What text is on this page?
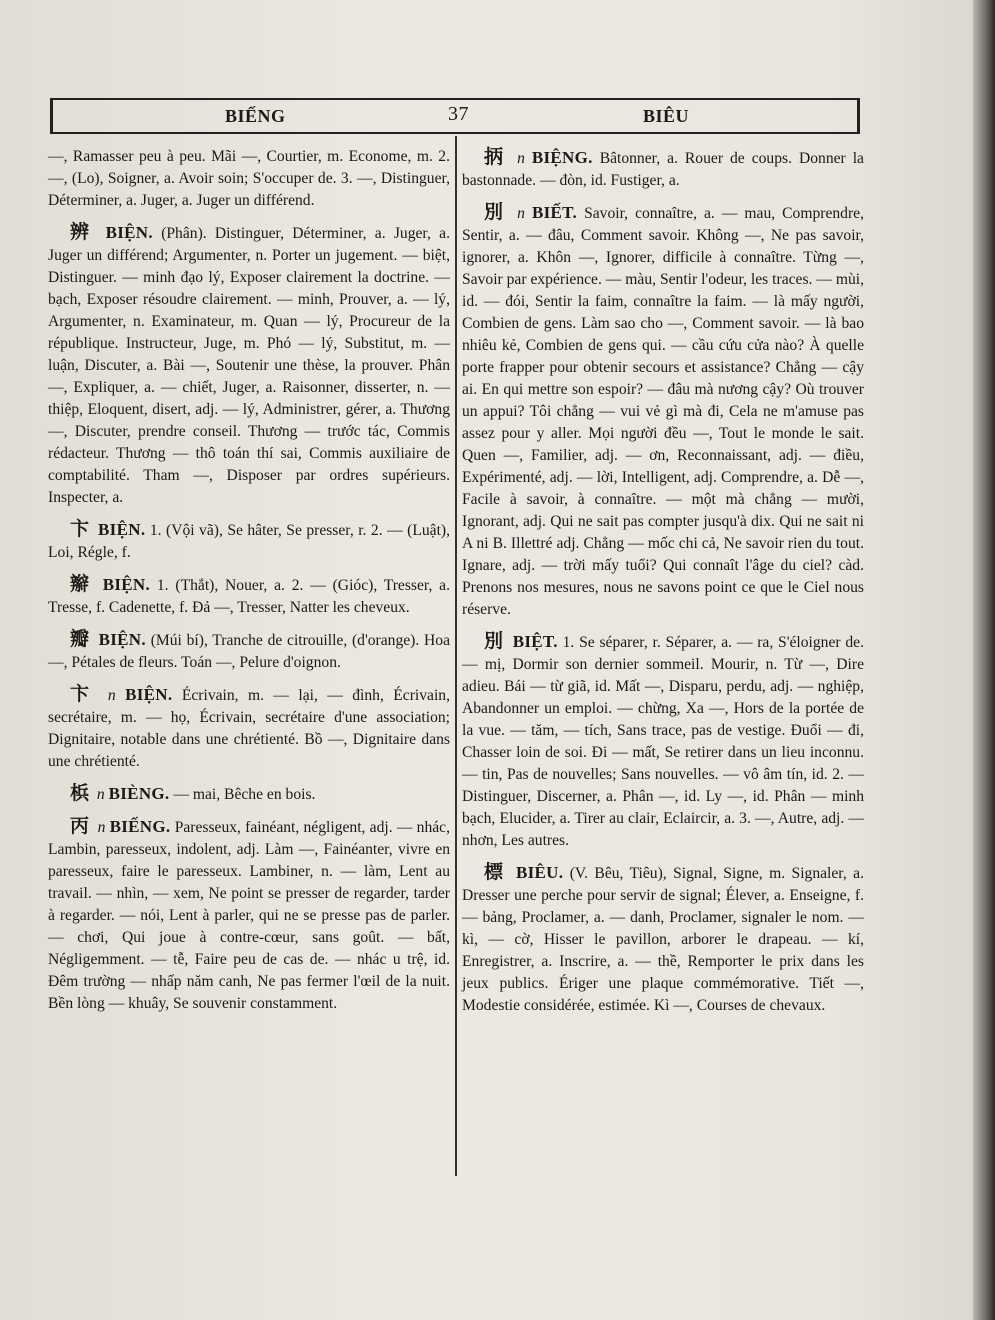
BIẾNG	37	BIÊU

—, Ramasser peu à peu. Mãi —, Courtier, m. Econome, m. 2. —, (Lo), Soigner, a. Avoir soin; S'occuper de. 3. —, Distinguer, Déterminer, a. Juger, a. Juger un différend.

辨 BIỆN. (Phân). Distinguer, Déterminer, a. Juger, a. Juger un différend; Argumenter, n. Porter un jugement. — biệt, Distinguer. — minh đạo lý, Exposer clairement la doctrine. — bạch, Exposer résoudre clairement. — minh, Prouver, a. — lý, Argumenter, n. Examinateur, m. Quan — lý, Procureur de la république. Instructeur, Juge, m. Phó — lý, Substitut, m. — luận, Discuter, a. Bài —, Soutenir une thèse, la prouver. Phân —, Expliquer, a. — chiết, Juger, a. Raisonner, disserter, n. — thiệp, Eloquent, disert, adj. — lý, Administrer, gérer, a. Thương —, Discuter, prendre conseil. Thương — trước tác, Commis rédacteur. Thương — thô toán thí sai, Commis auxiliaire de comptabilité. Tham —, Disposer par ordres supérieurs. Inspecter, a.

卞 BIỆN. 1. (Vội vã), Se hâter, Se presser, r. 2. — (Luật), Loi, Régle, f.

辮 BIỆN. 1. (Thắt), Nouer, a. 2. — (Gióc), Tresser, a. Tresse, f. Cadenette, f. Đả —, Tresser, Natter les cheveux.

瓣 BIỆN. (Múi bí), Tranche de citrouille, (d'orange). Hoa —, Pétales de fleurs. Toán —, Pelure d'oignon.

卞 n BIỆN. Écrivain, m. — lại, — đình, Écrivain, secrétaire, m. — họ, Écrivain, secrétaire d'une association; Dignitaire, notable dans une chrétienté. Bồ —, Dignitaire dans une chrétienté.

梹 n BIÈNG. — mai, Bêche en bois.

丙 n BIẾNG. Paresseux, fainéant, négligent, adj. — nhác, Lambin, paresseux, indolent, adj. Làm —, Fainéanter, vivre en paresseux, faire le paresseux. Lambiner, n. — làm, Lent au travail. — nhìn, — xem, Ne point se presser de regarder, tarder à regarder. — nói, Lent à parler, qui ne se presse pas de parler. — chơi, Qui joue à contre-cœur, sans goût. — bất, Négligemment. — tễ, Faire peu de cas de. — nhác u trệ, id. Đêm trường — nhấp năm canh, Ne pas fermer l'œil de la nuit. Bền lòng — khuây, Se souvenir constamment.

抦 n BIỆNG. Bâtonner, a. Rouer de coups. Donner la bastonnade. — đòn, id. Fustiger, a.

別 n BIẾT. Savoir, connaître, a. — mau, Comprendre, Sentir, a. — đâu, Comment savoir. Không —, Ne pas savoir, ignorer, a. Khôn —, Ignorer, difficile à connaître. Từng —, Savoir par expérience. — màu, Sentir l'odeur, les traces. — mùi, id. — đói, Sentir la faim, connaître la faim. — là mấy người, Combien de gens. Làm sao cho —, Comment savoir. — là bao nhiêu kẻ, Combien de gens qui. — cầu cứu cửa nào? À quelle porte frapper pour obtenir secours et assistance? Chẳng — cậy ai. En qui mettre son espoir? — đâu mà nương cậy? Où trouver un appui? Tôi chẳng — vui vẻ gì mà đi, Cela ne m'amuse pas assez pour y aller. Mọi người đều —, Tout le monde le sait. Quen —, Familier, adj. — ơn, Reconnaissant, adj. — điều, Expérimenté, adj. — lời, Intelligent, adj. Comprendre, a. Dễ —, Facile à savoir, à connaître. — một mà chẳng — mười, Ignorant, adj. Qui ne sait pas compter jusqu'à dix. Qui ne sait ni A ni B. Illettré adj. Chẳng — mốc chi cả, Ne savoir rien du tout. Ignare, adj. — trời mấy tuổi? Qui connaît l'âge du ciel? càd. Prenons nos mesures, nous ne savons point ce que le Ciel nous réserve.

別 BIỆT. 1. Se séparer, r. Séparer, a. — ra, S'éloigner de. — mị, Dormir son dernier sommeil. Mourir, n. Từ —, Dire adieu. Bái — từ giã, id. Mất —, Disparu, perdu, adj. — nghiệp, Abandonner un emploi. — chừng, Xa —, Hors de la portée de la vue. — tăm, — tích, Sans trace, pas de vestige. Đuổi — đi, Chasser loin de soi. Đi — mất, Se retirer dans un lieu inconnu. — tin, Pas de nouvelles; Sans nouvelles. — vô âm tín, id. 2. — Distinguer, Discerner, a. Phân —, id. Ly —, id. Phân — minh bạch, Elucider, a. Tirer au clair, Eclaircir, a. 3. —, Autre, adj. — nhơn, Les autres.

標 BIÊU. (V. Bêu, Tiêu), Signal, Signe, m. Signaler, a. Dresser une perche pour servir de signal; Élever, a. Enseigne, f. — bảng, Proclamer, a. — danh, Proclamer, signaler le nom. — kì, — cờ, Hisser le pavillon, arborer le drapeau. — kí, Enregistrer, a. Inscrire, a. — thề, Remporter le prix dans les jeux publics. Ériger une plaque commémorative. Tiết —, Modestie considérée, estimée. Kì —, Courses de chevaux.
